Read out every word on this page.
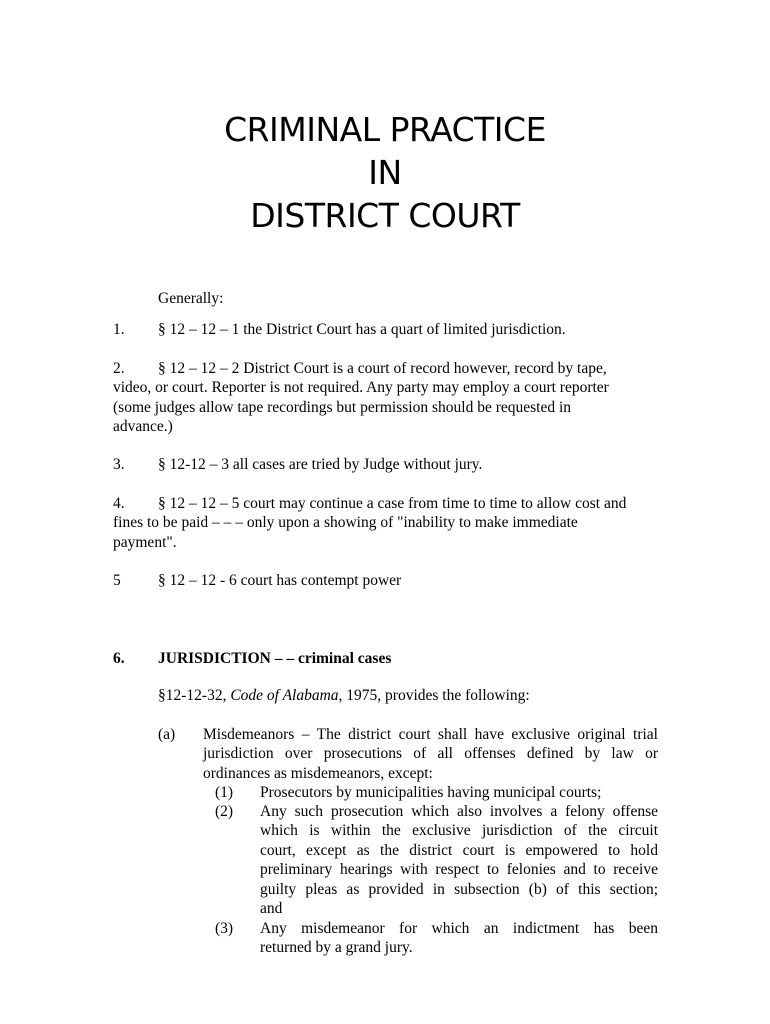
CRIMINAL PRACTICE
IN
DISTRICT COURT
Generally:
1. § 12 – 12 – 1 the District Court has a quart of limited jurisdiction.
2. § 12 – 12 – 2 District Court is a court of record however, record by tape,
video, or court. Reporter is not required. Any party may employ a court reporter
(some judges allow tape recordings but permission should be requested in
advance.)
3. § 12-12 – 3 all cases are tried by Judge without jury.
4. § 12 – 12 – 5 court may continue a case from time to time to allow cost and
fines to be paid – – – only upon a showing of "inability to make immediate
payment".
5 § 12 – 12 - 6 court has contempt power
6. JURISDICTION – – criminal cases
§12-12-32, Code of Alabama, 1975, provides the following:
(a) Misdemeanors – The district court shall have exclusive original trial
jurisdiction over prosecutions of all offenses defined by law or
ordinances as misdemeanors, except:
(1) Prosecutors by municipalities having municipal courts;
(2) Any such prosecution which also involves a felony offense
which is within the exclusive jurisdiction of the circuit
court, except as the district court is empowered to hold
preliminary hearings with respect to felonies and to receive
guilty pleas as provided in subsection (b) of this section;
and
(3) Any misdemeanor for which an indictment has been
returned by a grand jury.
